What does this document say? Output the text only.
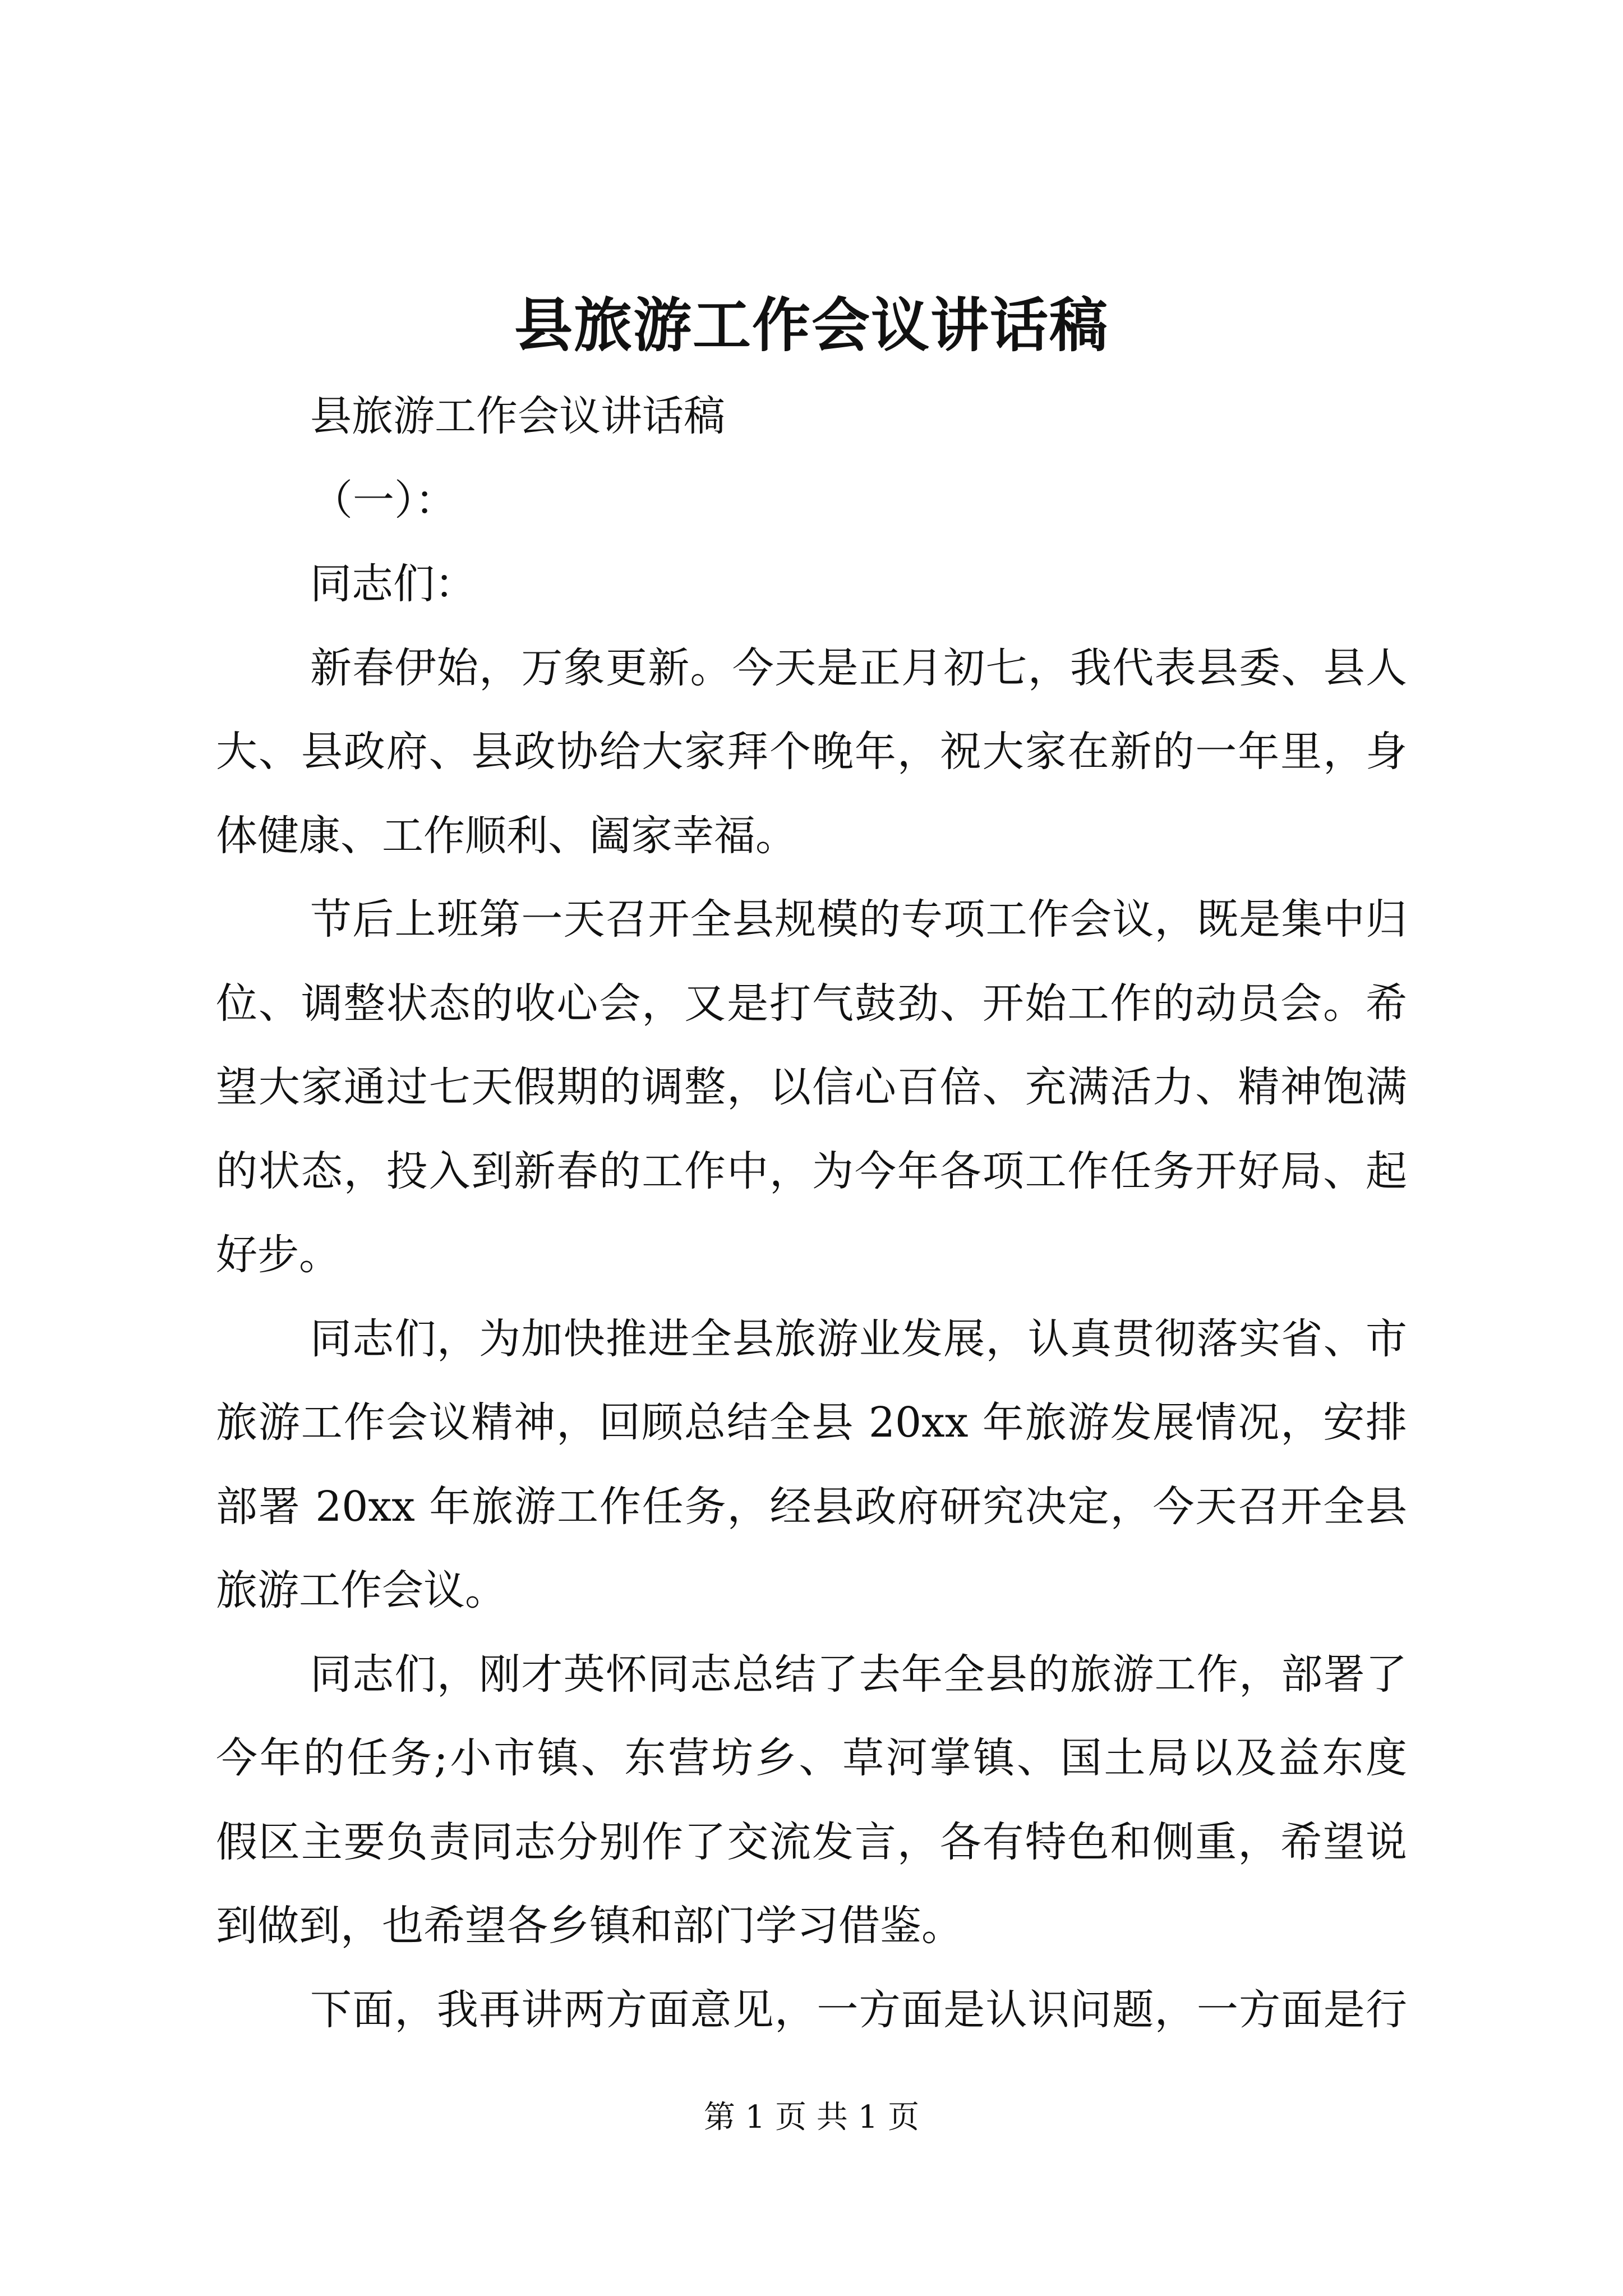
县旅游工作会议讲话稿
县旅游工作会议讲话稿
（一）：
同志们：
新春伊始，万象更新。今天是正月初七，我代表县委、县人
大、县政府、县政协给大家拜个晚年，祝大家在新的一年里，身
体健康、工作顺利、阖家幸福。
节后上班第一天召开全县规模的专项工作会议，既是集中归
位、调整状态的收心会，又是打气鼓劲、开始工作的动员会。希
望大家通过七天假期的调整，以信心百倍、充满活力、精神饱满
的状态，投入到新春的工作中，为今年各项工作任务开好局、起
好步。
同志们，为加快推进全县旅游业发展，认真贯彻落实省、市
旅游工作会议精神，回顾总结全县 20xx 年旅游发展情况，安排
部署 20xx 年旅游工作任务，经县政府研究决定，今天召开全县
旅游工作会议。
同志们，刚才英怀同志总结了去年全县的旅游工作，部署了
今年的任务;小市镇、东营坊乡、草河掌镇、国土局以及益东度
假区主要负责同志分别作了交流发言，各有特色和侧重，希望说
到做到，也希望各乡镇和部门学习借鉴。
下面，我再讲两方面意见，一方面是认识问题，一方面是行
第 1 页 共 1 页
